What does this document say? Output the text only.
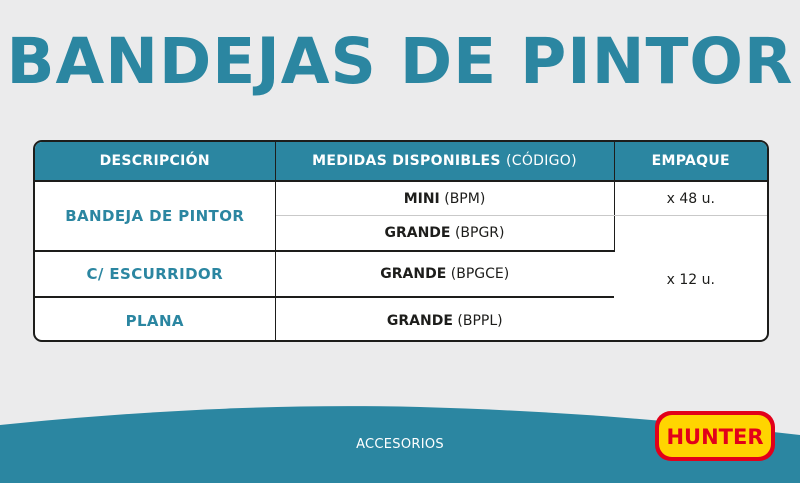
BANDEJAS DE PINTOR
DESCRIPCIÓN	MEDIDAS DISPONIBLES (CÓDIGO)	EMPAQUE
BANDEJA DE PINTOR	MINI (BPM)	x 48 u.
	GRANDE (BPGR)	x 12 u.
C/ ESCURRIDOR	GRANDE (BPGCE)	
PLANA	GRANDE (BPPL)	
ACCESORIOS	HUNTER
